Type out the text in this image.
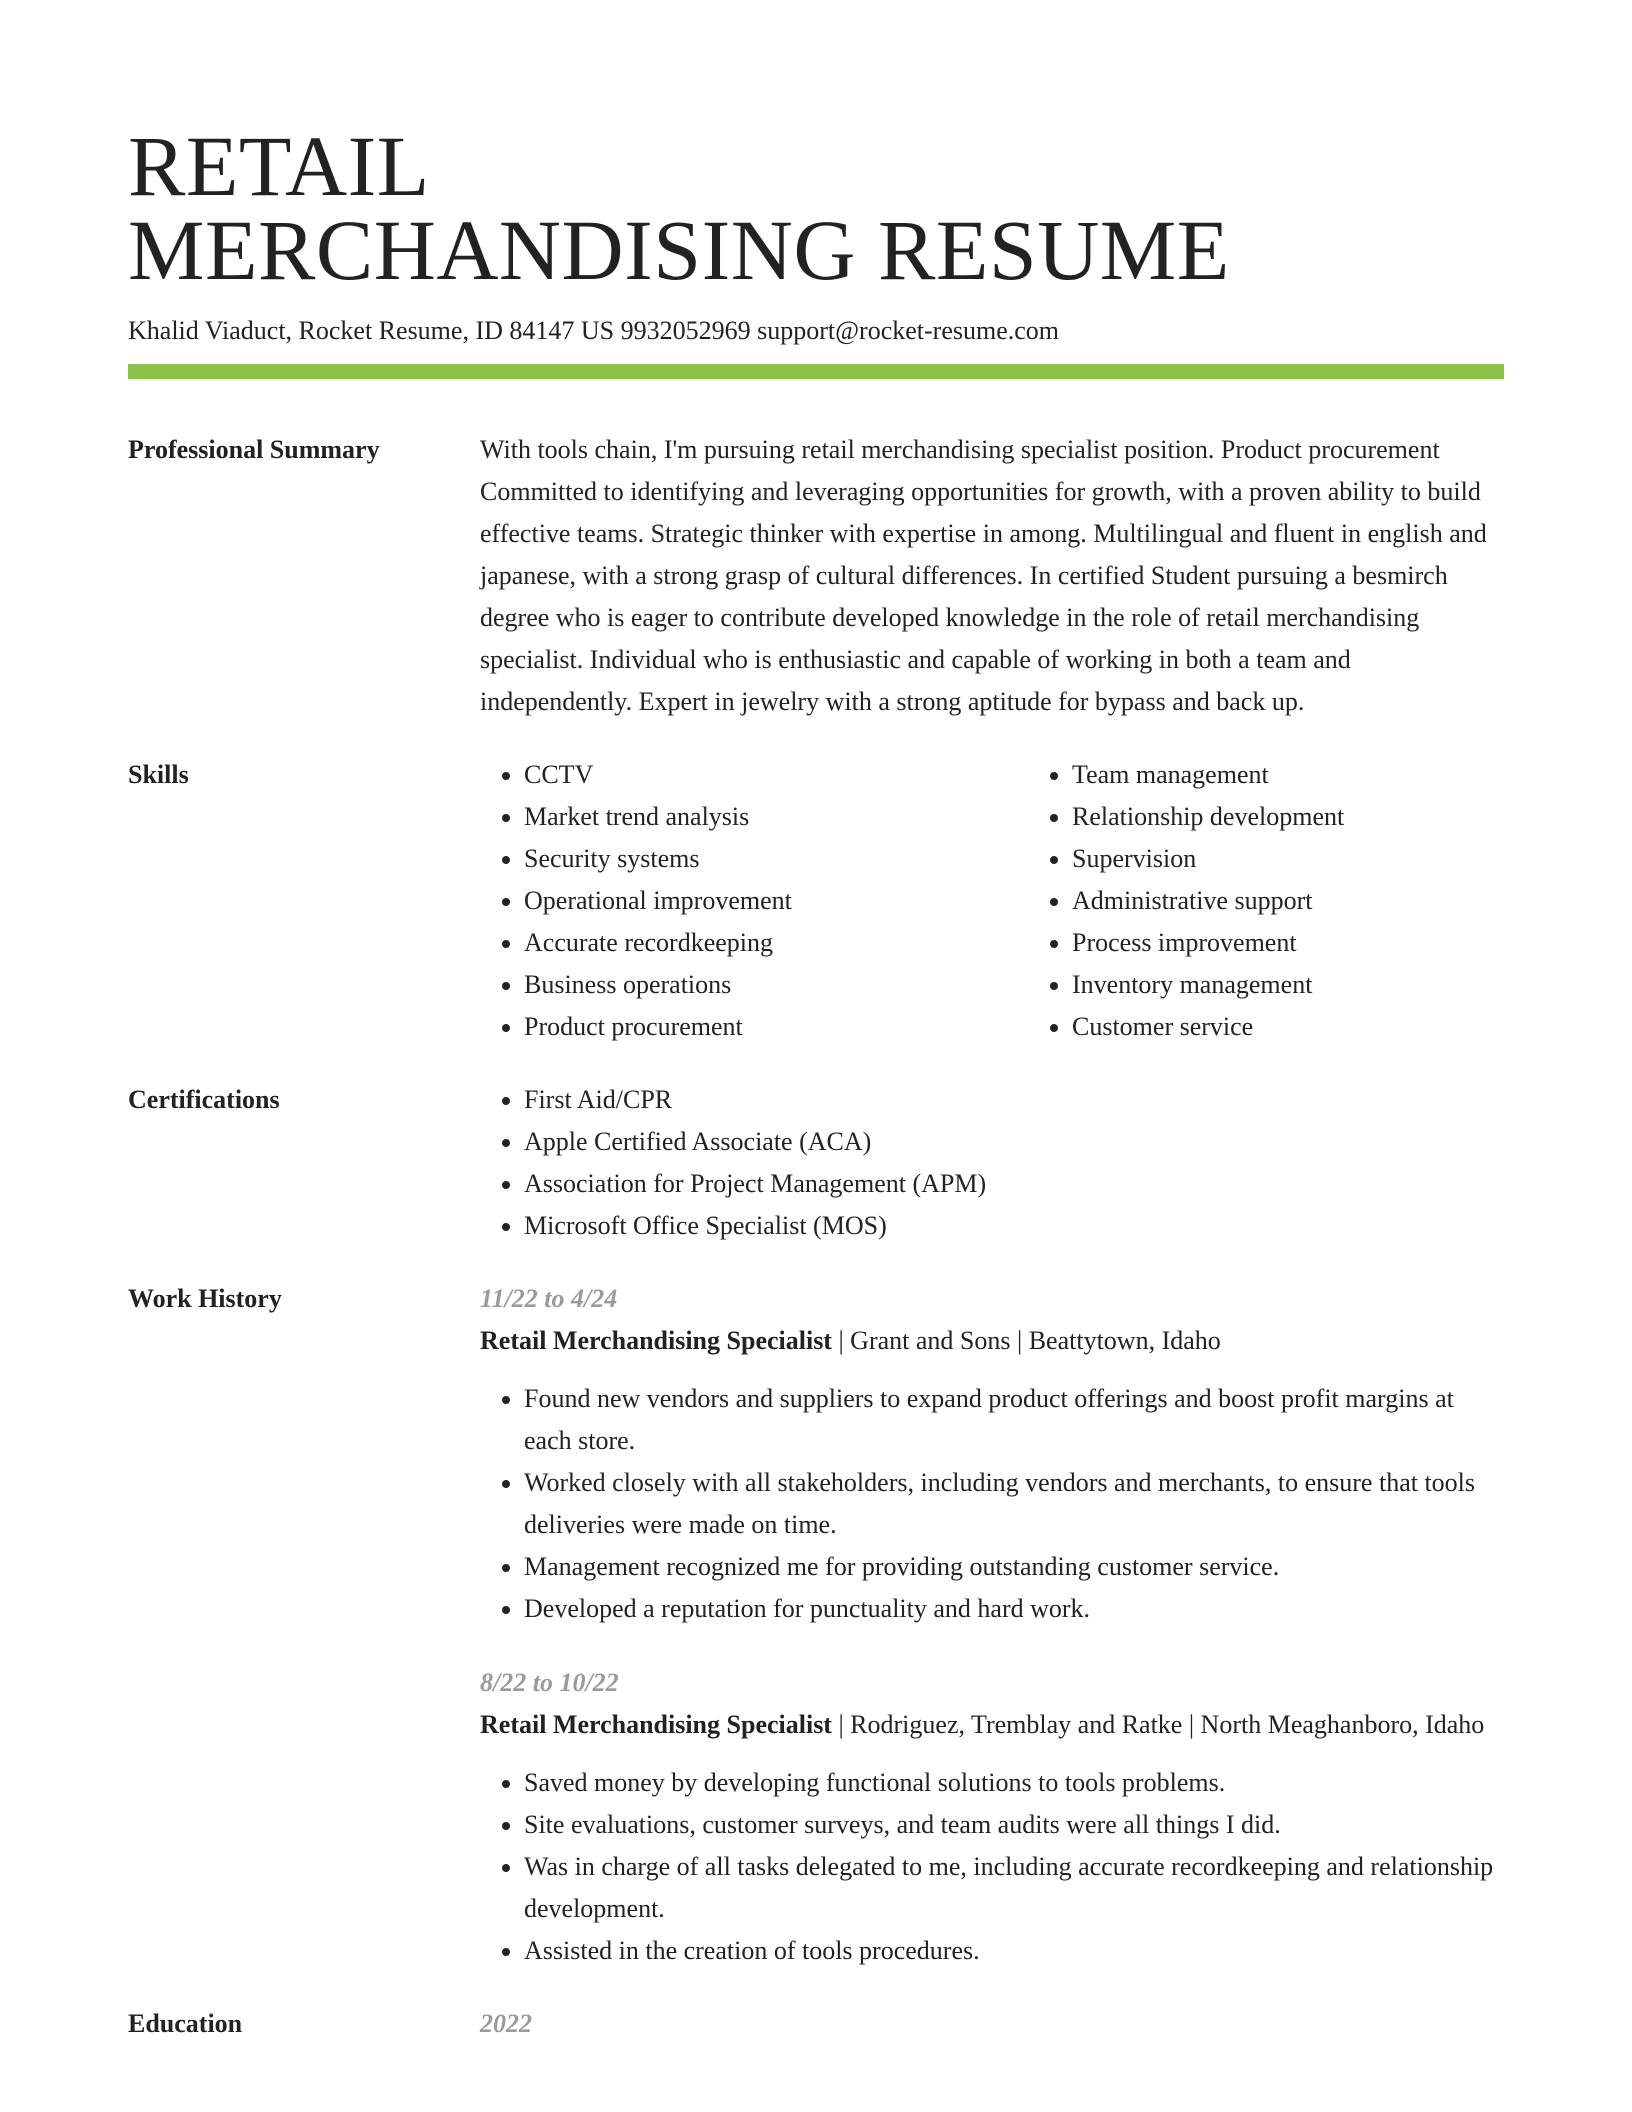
RETAIL
MERCHANDISING RESUME
Khalid Viaduct, Rocket Resume, ID 84147 US 9932052969 support@rocket-resume.com
Professional Summary	With tools chain, I'm pursuing retail merchandising specialist position. Product procurement Committed to identifying and leveraging opportunities for growth, with a proven ability to build effective teams. Strategic thinker with expertise in among. Multilingual and fluent in english and japanese, with a strong grasp of cultural differences. In certified Student pursuing a besmirch degree who is eager to contribute developed knowledge in the role of retail merchandising specialist. Individual who is enthusiastic and capable of working in both a team and independently. Expert in jewelry with a strong aptitude for bypass and back up.

Skills	• CCTV
• Market trend analysis
• Security systems
• Operational improvement
• Accurate recordkeeping
• Business operations
• Product procurement
• Team management
• Relationship development
• Supervision
• Administrative support
• Process improvement
• Inventory management
• Customer service
Certifications	• First Aid/CPR
• Apple Certified Associate (ACA)
• Association for Project Management (APM)
• Microsoft Office Specialist (MOS)
Work History	11/22 to 4/24
Retail Merchandising Specialist | Grant and Sons | Beattytown, Idaho
• Found new vendors and suppliers to expand product offerings and boost profit margins at each store.
• Worked closely with all stakeholders, including vendors and merchants, to ensure that tools deliveries were made on time.
• Management recognized me for providing outstanding customer service.
• Developed a reputation for punctuality and hard work.
8/22 to 10/22
Retail Merchandising Specialist | Rodriguez, Tremblay and Ratke | North Meaghanboro, Idaho
• Saved money by developing functional solutions to tools problems.
• Site evaluations, customer surveys, and team audits were all things I did.
• Was in charge of all tasks delegated to me, including accurate recordkeeping and relationship development.
• Assisted in the creation of tools procedures.
Education	2022
